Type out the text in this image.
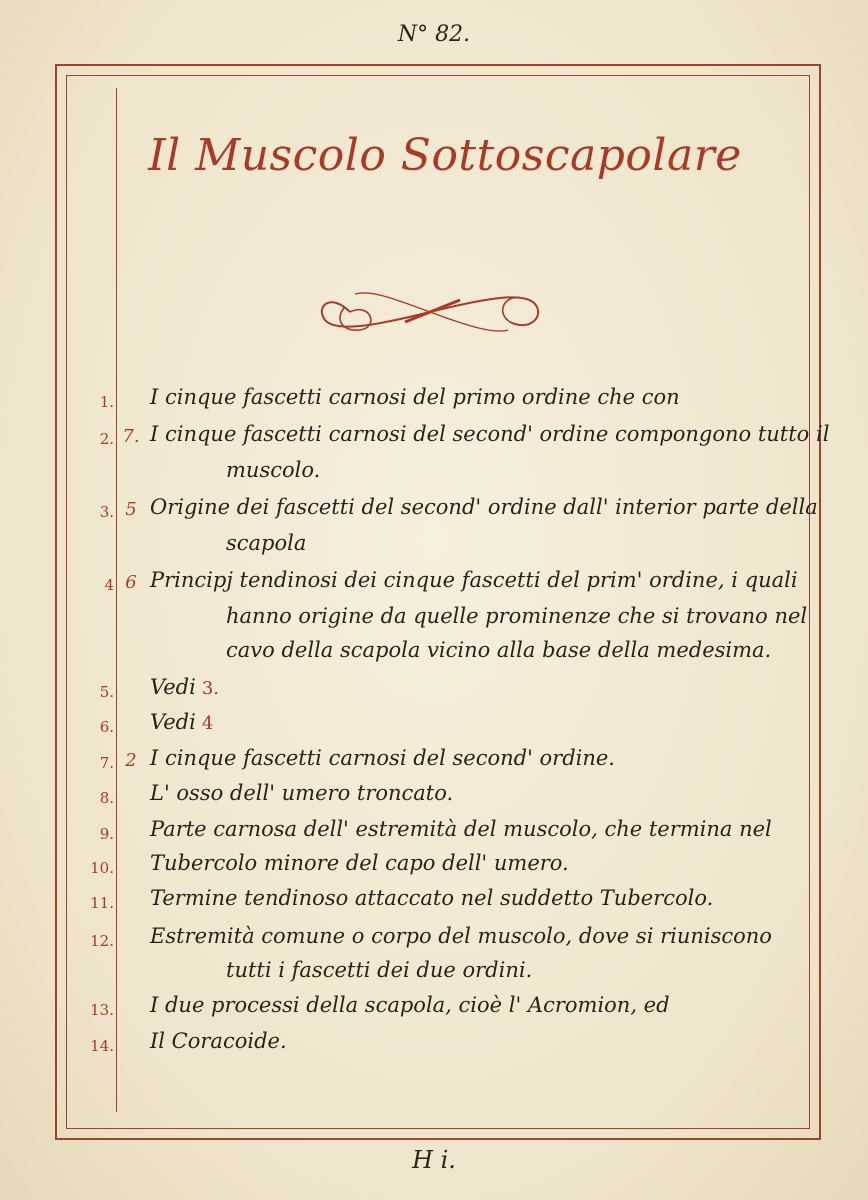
N° 82.
Il Muscolo Sottoscapolare
1. I cinque fascetti carnosi del primo ordine che con
2. 7. I cinque fascetti carnosi del second' ordine compongono tutto il
muscolo.
3. 5 Origine dei fascetti del second' ordine dall' interior parte della
scapola
4 6 Principj tendinosi dei cinque fascetti del prim' ordine, i quali
hanno origine da quelle prominenze che si trovano nel
cavo della scapola vicino alla base della medesima.
5. Vedi 3.
6. Vedi 4
7. 2 I cinque fascetti carnosi del second' ordine.
8. L' osso dell' umero troncato.
9. Parte carnosa dell' estremità del muscolo, che termina nel
10. Tubercolo minore del capo dell' umero.
11. Termine tendinoso attaccato nel suddetto Tubercolo.
12. Estremità comune o corpo del muscolo, dove si riuniscono
tutti i fascetti dei due ordini.
13. I due processi della scapola, cioè l' Acromion, ed
14. Il Coracoide.
H i.
